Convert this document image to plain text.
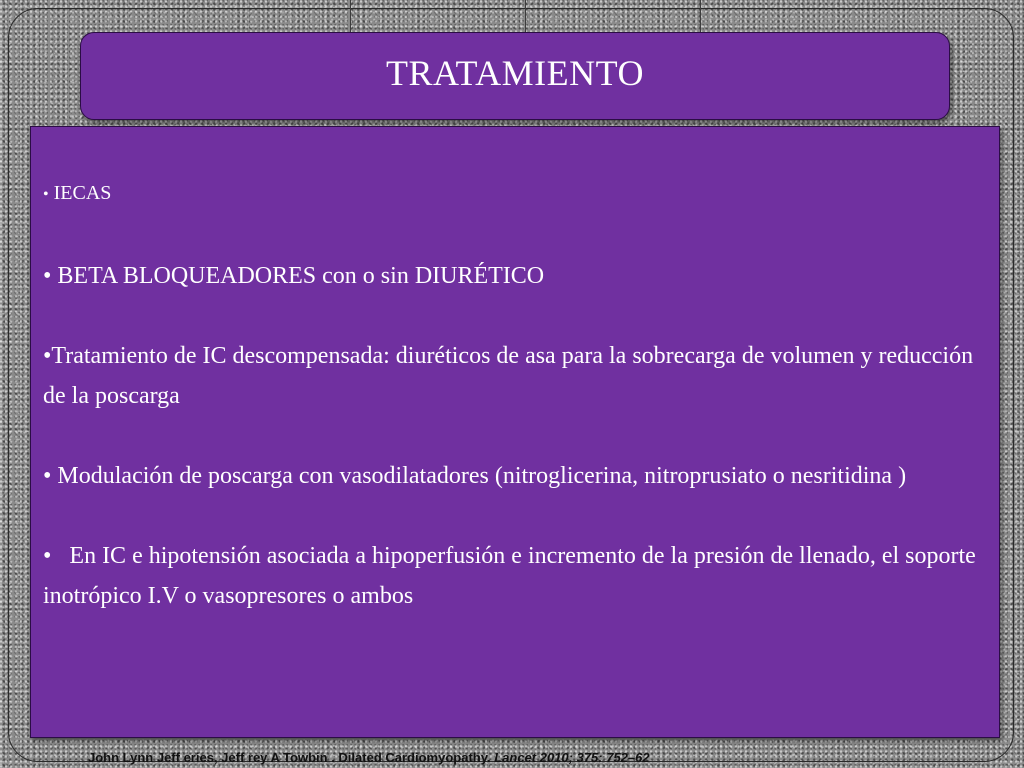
TRATAMIENTO

• IECAS

• BETA BLOQUEADORES con o sin DIURÉTICO

•Tratamiento de IC descompensada: diuréticos de asa para la sobrecarga de volumen y reducción de la poscarga

• Modulación de poscarga con vasodilatadores (nitroglicerina, nitroprusiato o nesritidina )

• En IC e hipotensión asociada a hipoperfusión e incremento de la presión de llenado, el soporte inotrópico I.V o vasopresores o ambos

John Lynn Jeff eries, Jeff rey A Towbin . Dilated Cardiomyopathy. Lancet 2010; 375: 752–62
